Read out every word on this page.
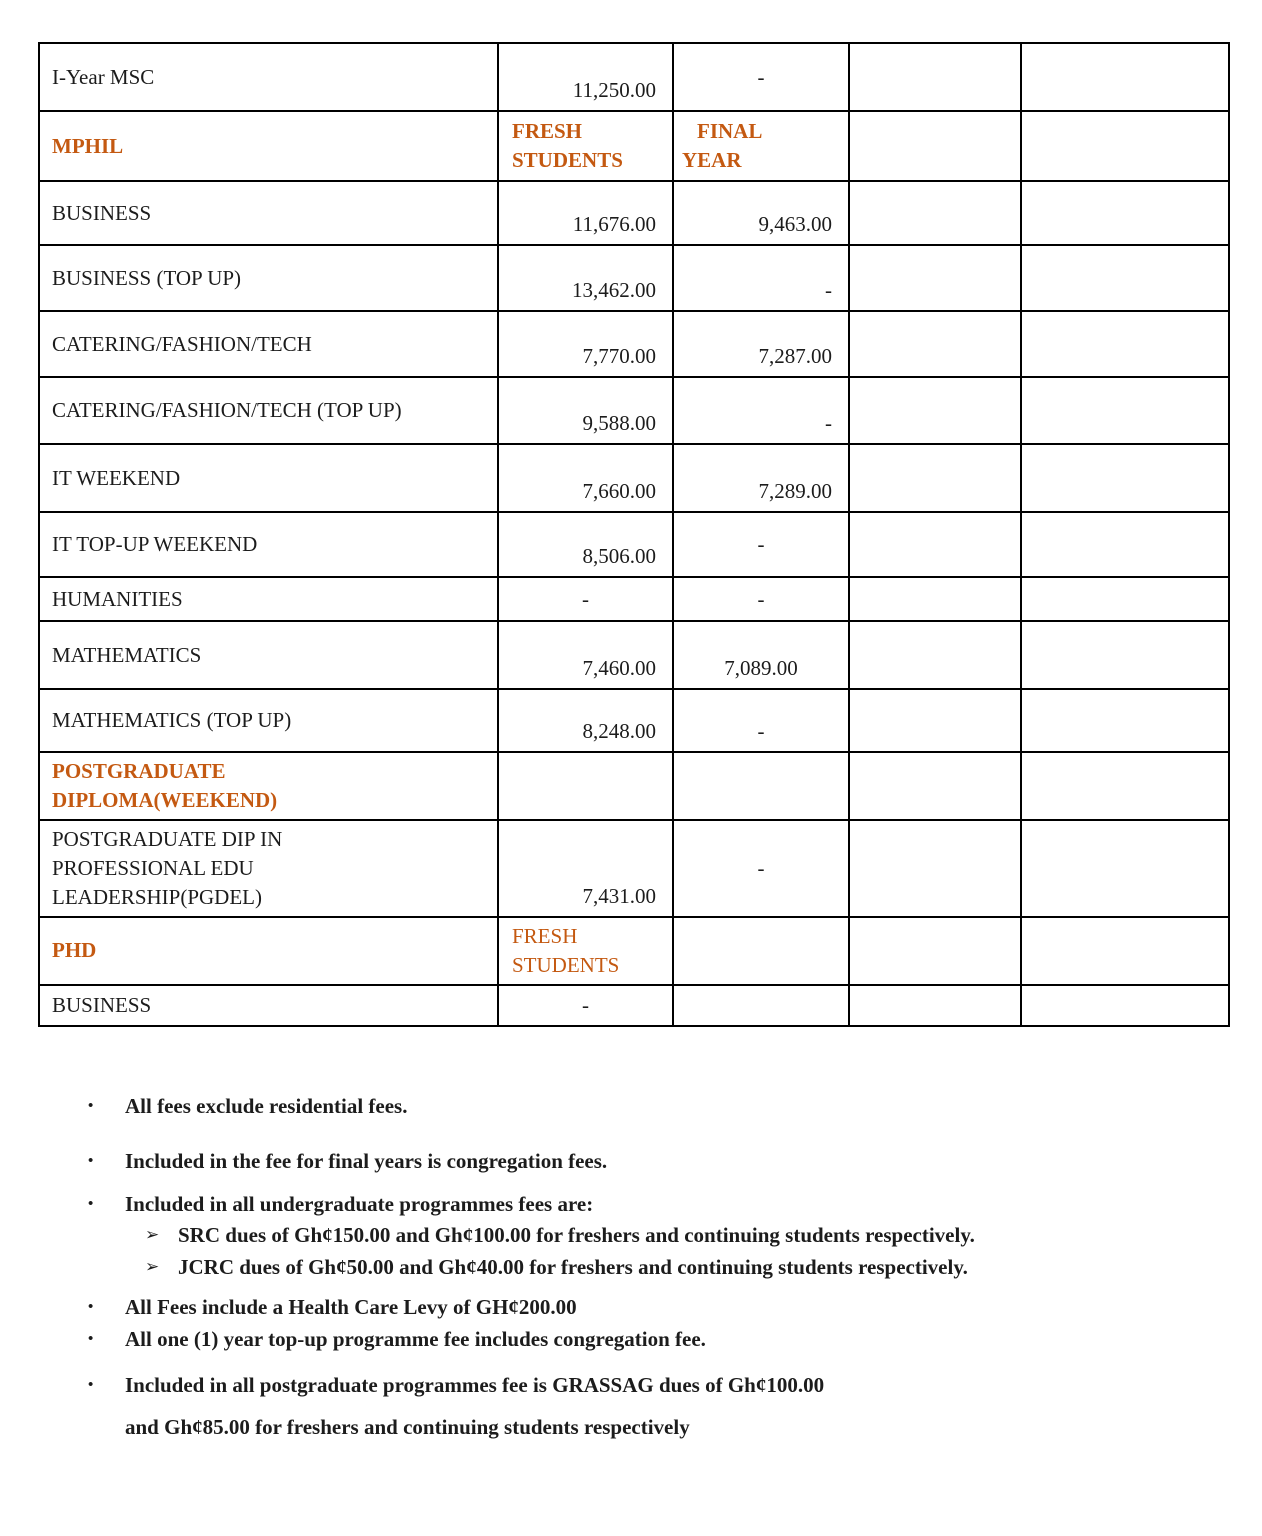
I-Year MSC	11,250.00	-		
MPHIL	FRESH STUDENTS	FINAL YEAR		
BUSINESS	11,676.00	9,463.00		
BUSINESS (TOP UP)	13,462.00	-		
CATERING/FASHION/TECH	7,770.00	7,287.00		
CATERING/FASHION/TECH (TOP UP)	9,588.00	-		
IT WEEKEND	7,660.00	7,289.00		
IT TOP-UP WEEKEND	8,506.00	-		
HUMANITIES	-	-		
MATHEMATICS	7,460.00	7,089.00		
MATHEMATICS (TOP UP)	8,248.00	-		
POSTGRADUATE DIPLOMA(WEEKEND)				
POSTGRADUATE DIP IN PROFESSIONAL EDU LEADERSHIP(PGDEL)	7,431.00	-		
PHD	FRESH STUDENTS			
BUSINESS	-			
•	All fees exclude residential fees.
•	Included in the fee for final years is congregation fees.
•	Included in all undergraduate programmes fees are:
➢ SRC dues of Gh¢150.00 and Gh¢100.00 for freshers and continuing students respectively.
➢ JCRC dues of Gh¢50.00 and Gh¢40.00 for freshers and continuing students respectively.
•	All Fees include a Health Care Levy of GH¢200.00
•	All one (1) year top-up programme fee includes congregation fee.
•	Included in all postgraduate programmes fee is GRASSAG dues of Gh¢100.00
and Gh¢85.00 for freshers and continuing students respectively
